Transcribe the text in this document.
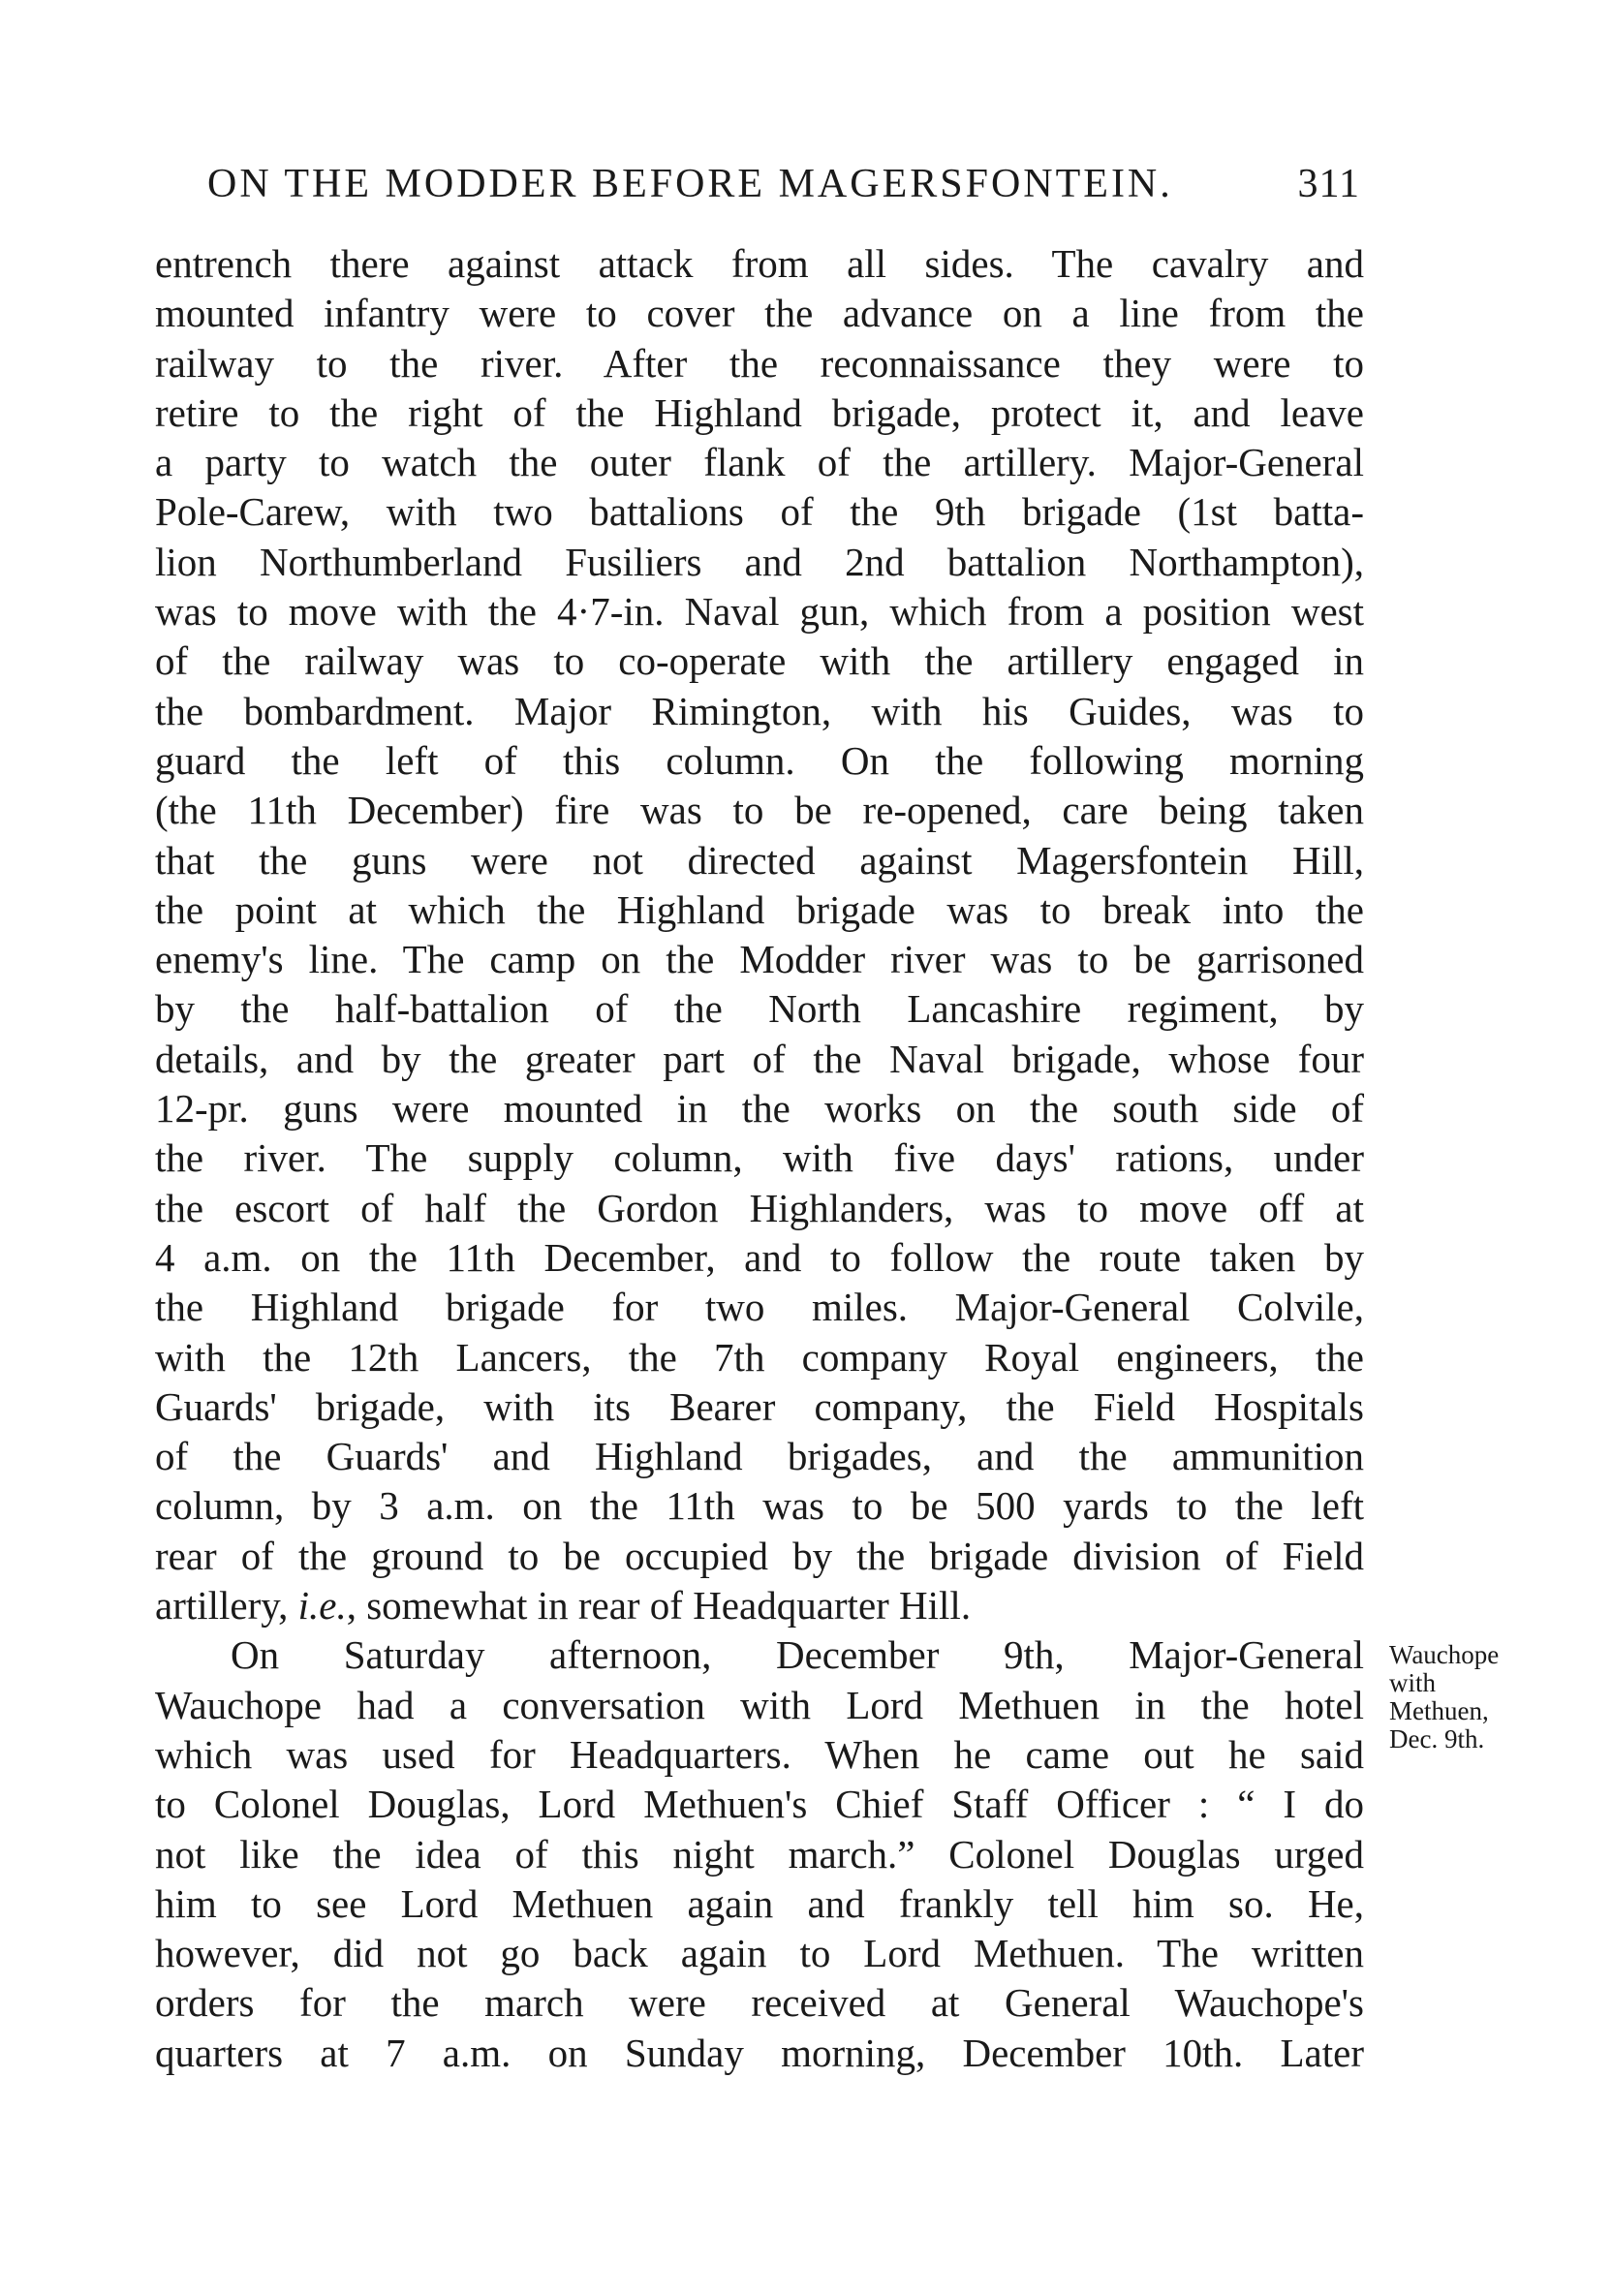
ON THE MODDER BEFORE MAGERSFONTEIN.	311
entrench there against attack from all sides. The cavalry and
mounted infantry were to cover the advance on a line from the
railway to the river. After the reconnaissance they were to
retire to the right of the Highland brigade, protect it, and leave
a party to watch the outer flank of the artillery. Major-General
Pole-Carew, with two battalions of the 9th brigade (1st batta-
lion Northumberland Fusiliers and 2nd battalion Northampton),
was to move with the 4·7-in. Naval gun, which from a position west
of the railway was to co-operate with the artillery engaged in
the bombardment. Major Rimington, with his Guides, was to
guard the left of this column. On the following morning
(the 11th December) fire was to be re-opened, care being taken
that the guns were not directed against Magersfontein Hill,
the point at which the Highland brigade was to break into the
enemy's line. The camp on the Modder river was to be garrisoned
by the half-battalion of the North Lancashire regiment, by
details, and by the greater part of the Naval brigade, whose four
12-pr. guns were mounted in the works on the south side of
the river. The supply column, with five days' rations, under
the escort of half the Gordon Highlanders, was to move off at
4 a.m. on the 11th December, and to follow the route taken by
the Highland brigade for two miles. Major-General Colvile,
with the 12th Lancers, the 7th company Royal engineers, the
Guards' brigade, with its Bearer company, the Field Hospitals
of the Guards' and Highland brigades, and the ammunition
column, by 3 a.m. on the 11th was to be 500 yards to the left
rear of the ground to be occupied by the brigade division of Field
artillery, i.e., somewhat in rear of Headquarter Hill.
On Saturday afternoon, December 9th, Major-General
Wauchope had a conversation with Lord Methuen in the hotel
which was used for Headquarters. When he came out he said
to Colonel Douglas, Lord Methuen's Chief Staff Officer : “ I do
not like the idea of this night march.” Colonel Douglas urged
him to see Lord Methuen again and frankly tell him so. He,
however, did not go back again to Lord Methuen. The written
orders for the march were received at General Wauchope's
quarters at 7 a.m. on Sunday morning, December 10th. Later
Wauchope
with
Methuen,
Dec. 9th.
